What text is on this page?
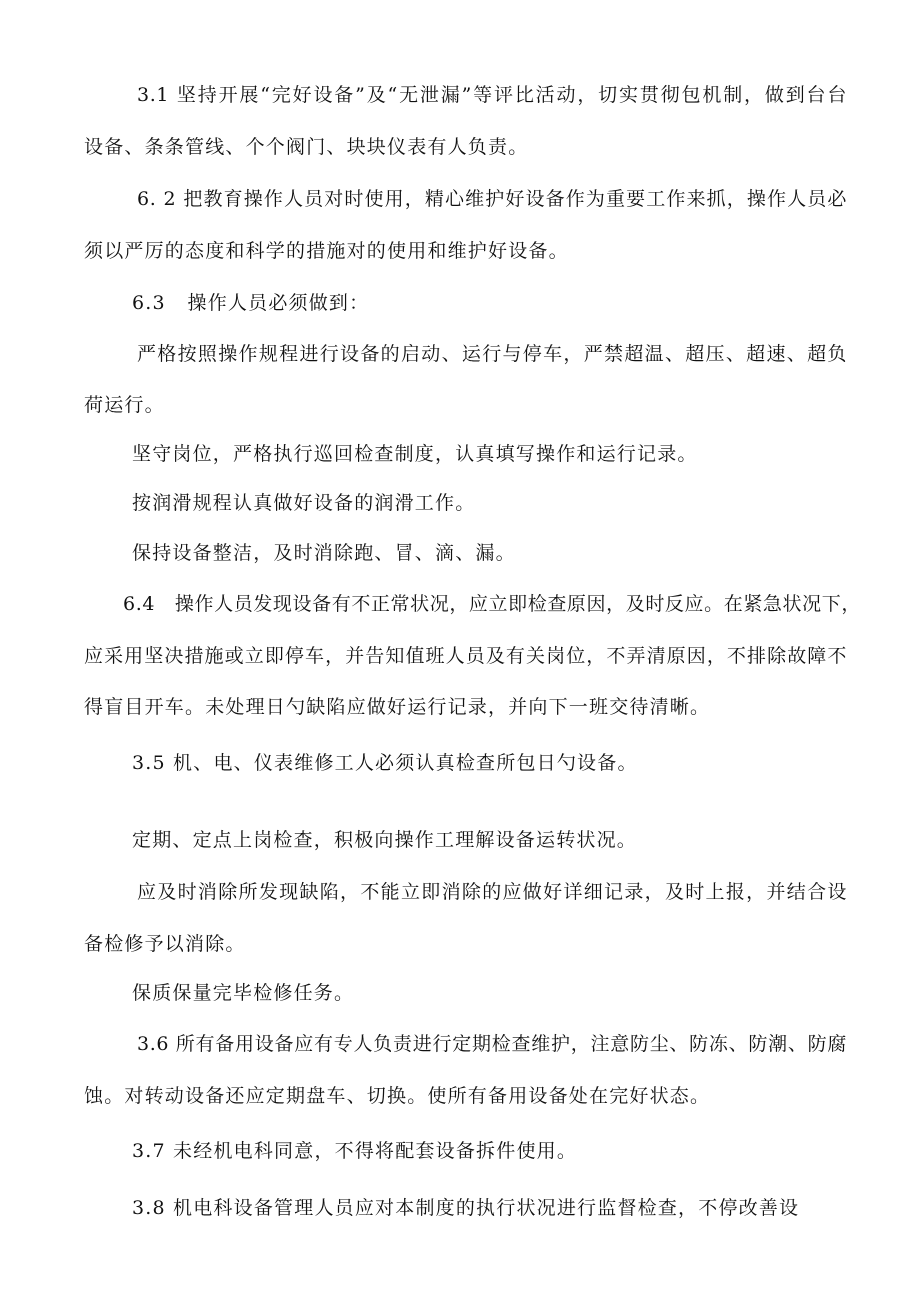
3.1 坚持开展“完好设备”及“无泄漏”等评比活动，切实贯彻包机制，做到台台
设备、条条管线、个个阀门、块块仪表有人负责。
6. 2 把教育操作人员对时使用，精心维护好设备作为重要工作来抓，操作人员必
须以严厉的态度和科学的措施对的使用和维护好设备。
6.3   操作人员必须做到：
严格按照操作规程进行设备的启动、运行与停车，严禁超温、超压、超速、超负
荷运行。
坚守岗位，严格执行巡回检查制度，认真填写操作和运行记录。
按润滑规程认真做好设备的润滑工作。
保持设备整洁，及时消除跑、冒、滴、漏。
6.4   操作人员发现设备有不正常状况，应立即检查原因，及时反应。在紧急状况下，
应采用坚决措施或立即停车，并告知值班人员及有关岗位，不弄清原因，不排除故障不
得盲目开车。未处理日勺缺陷应做好运行记录，并向下一班交待清晰。
3.5 机、电、仪表维修工人必须认真检查所包日勺设备。
定期、定点上岗检查，积极向操作工理解设备运转状况。
应及时消除所发现缺陷，不能立即消除的应做好详细记录，及时上报，并结合设
备检修予以消除。
保质保量完毕检修任务。
3.6 所有备用设备应有专人负责进行定期检查维护，注意防尘、防冻、防潮、防腐
蚀。对转动设备还应定期盘车、切换。使所有备用设备处在完好状态。
3.7 未经机电科同意，不得将配套设备拆件使用。
3.8 机电科设备管理人员应对本制度的执行状况进行监督检查，不停改善设
